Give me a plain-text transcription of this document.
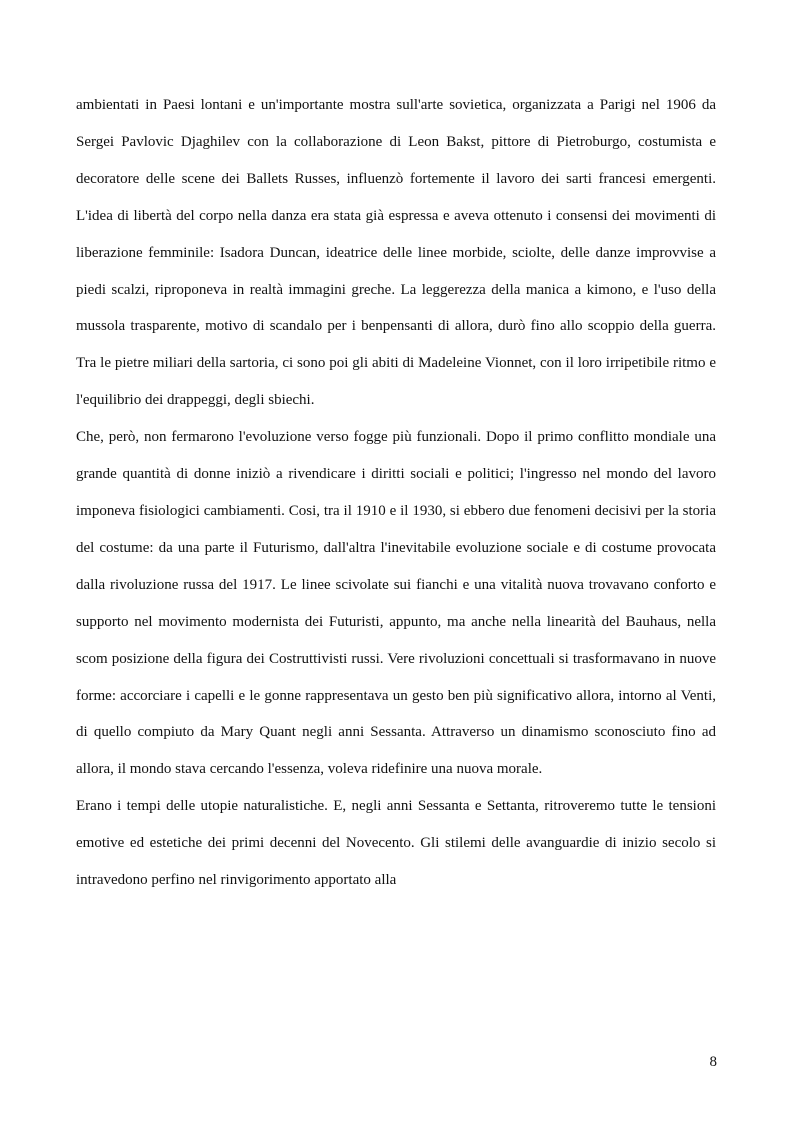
ambientati in Paesi lontani e un'importante mostra sull'arte sovietica, organizzata a Parigi nel 1906 da Sergei Pavlovic Djaghilev con la collaborazione di Leon Bakst, pittore di Pietroburgo, costumista e decoratore delle scene dei Ballets Russes, influenzò fortemente il lavoro dei sarti francesi emergenti. L'idea di libertà del corpo nella danza era stata già espressa e aveva ottenuto i consensi dei movimenti di liberazione femminile: Isadora Duncan, ideatrice delle linee morbide, sciolte, delle danze improvvise a piedi scalzi, riproponeva in realtà immagini greche. La leggerezza della manica a kimono, e l'uso della mussola trasparente, motivo di scandalo per i benpensanti di allora, durò fino allo scoppio della guerra. Tra le pietre miliari della sartoria, ci sono poi gli abiti di Madeleine Vionnet, con il loro irripetibile ritmo e l'equilibrio dei drappeggi, degli sbiechi.

Che, però, non fermarono l'evoluzione verso fogge più funzionali. Dopo il primo conflitto mondiale una grande quantità di donne iniziò a rivendicare i diritti sociali e politici; l'ingresso nel mondo del lavoro imponeva fisiologici cambiamenti. Cosi, tra il 1910 e il 1930, si ebbero due fenomeni decisivi per la storia del costume: da una parte il Futurismo, dall'altra l'inevitabile evoluzione sociale e di costume provocata dalla rivoluzione russa del 1917. Le linee scivolate sui fianchi e una vitalità nuova trovavano conforto e supporto nel movimento modernista dei Futuristi, appunto, ma anche nella linearità del Bauhaus, nella scom posizione della figura dei Costruttivisti russi. Vere rivoluzioni concettuali si trasformavano in nuove forme: accorciare i capelli e le gonne rappresentava un gesto ben più significativo allora, intorno al Venti, di quello compiuto da Mary Quant negli anni Sessanta. Attraverso un dinamismo sconosciuto fino ad allora, il mondo stava cercando l'essenza, voleva ridefinire una nuova morale.

Erano i tempi delle utopie naturalistiche. E, negli anni Sessanta e Settanta, ritroveremo tutte le tensioni emotive ed estetiche dei primi decenni del Novecento. Gli stilemi delle avanguardie di inizio secolo si intravedono perfino nel rinvigorimento apportato alla

8
